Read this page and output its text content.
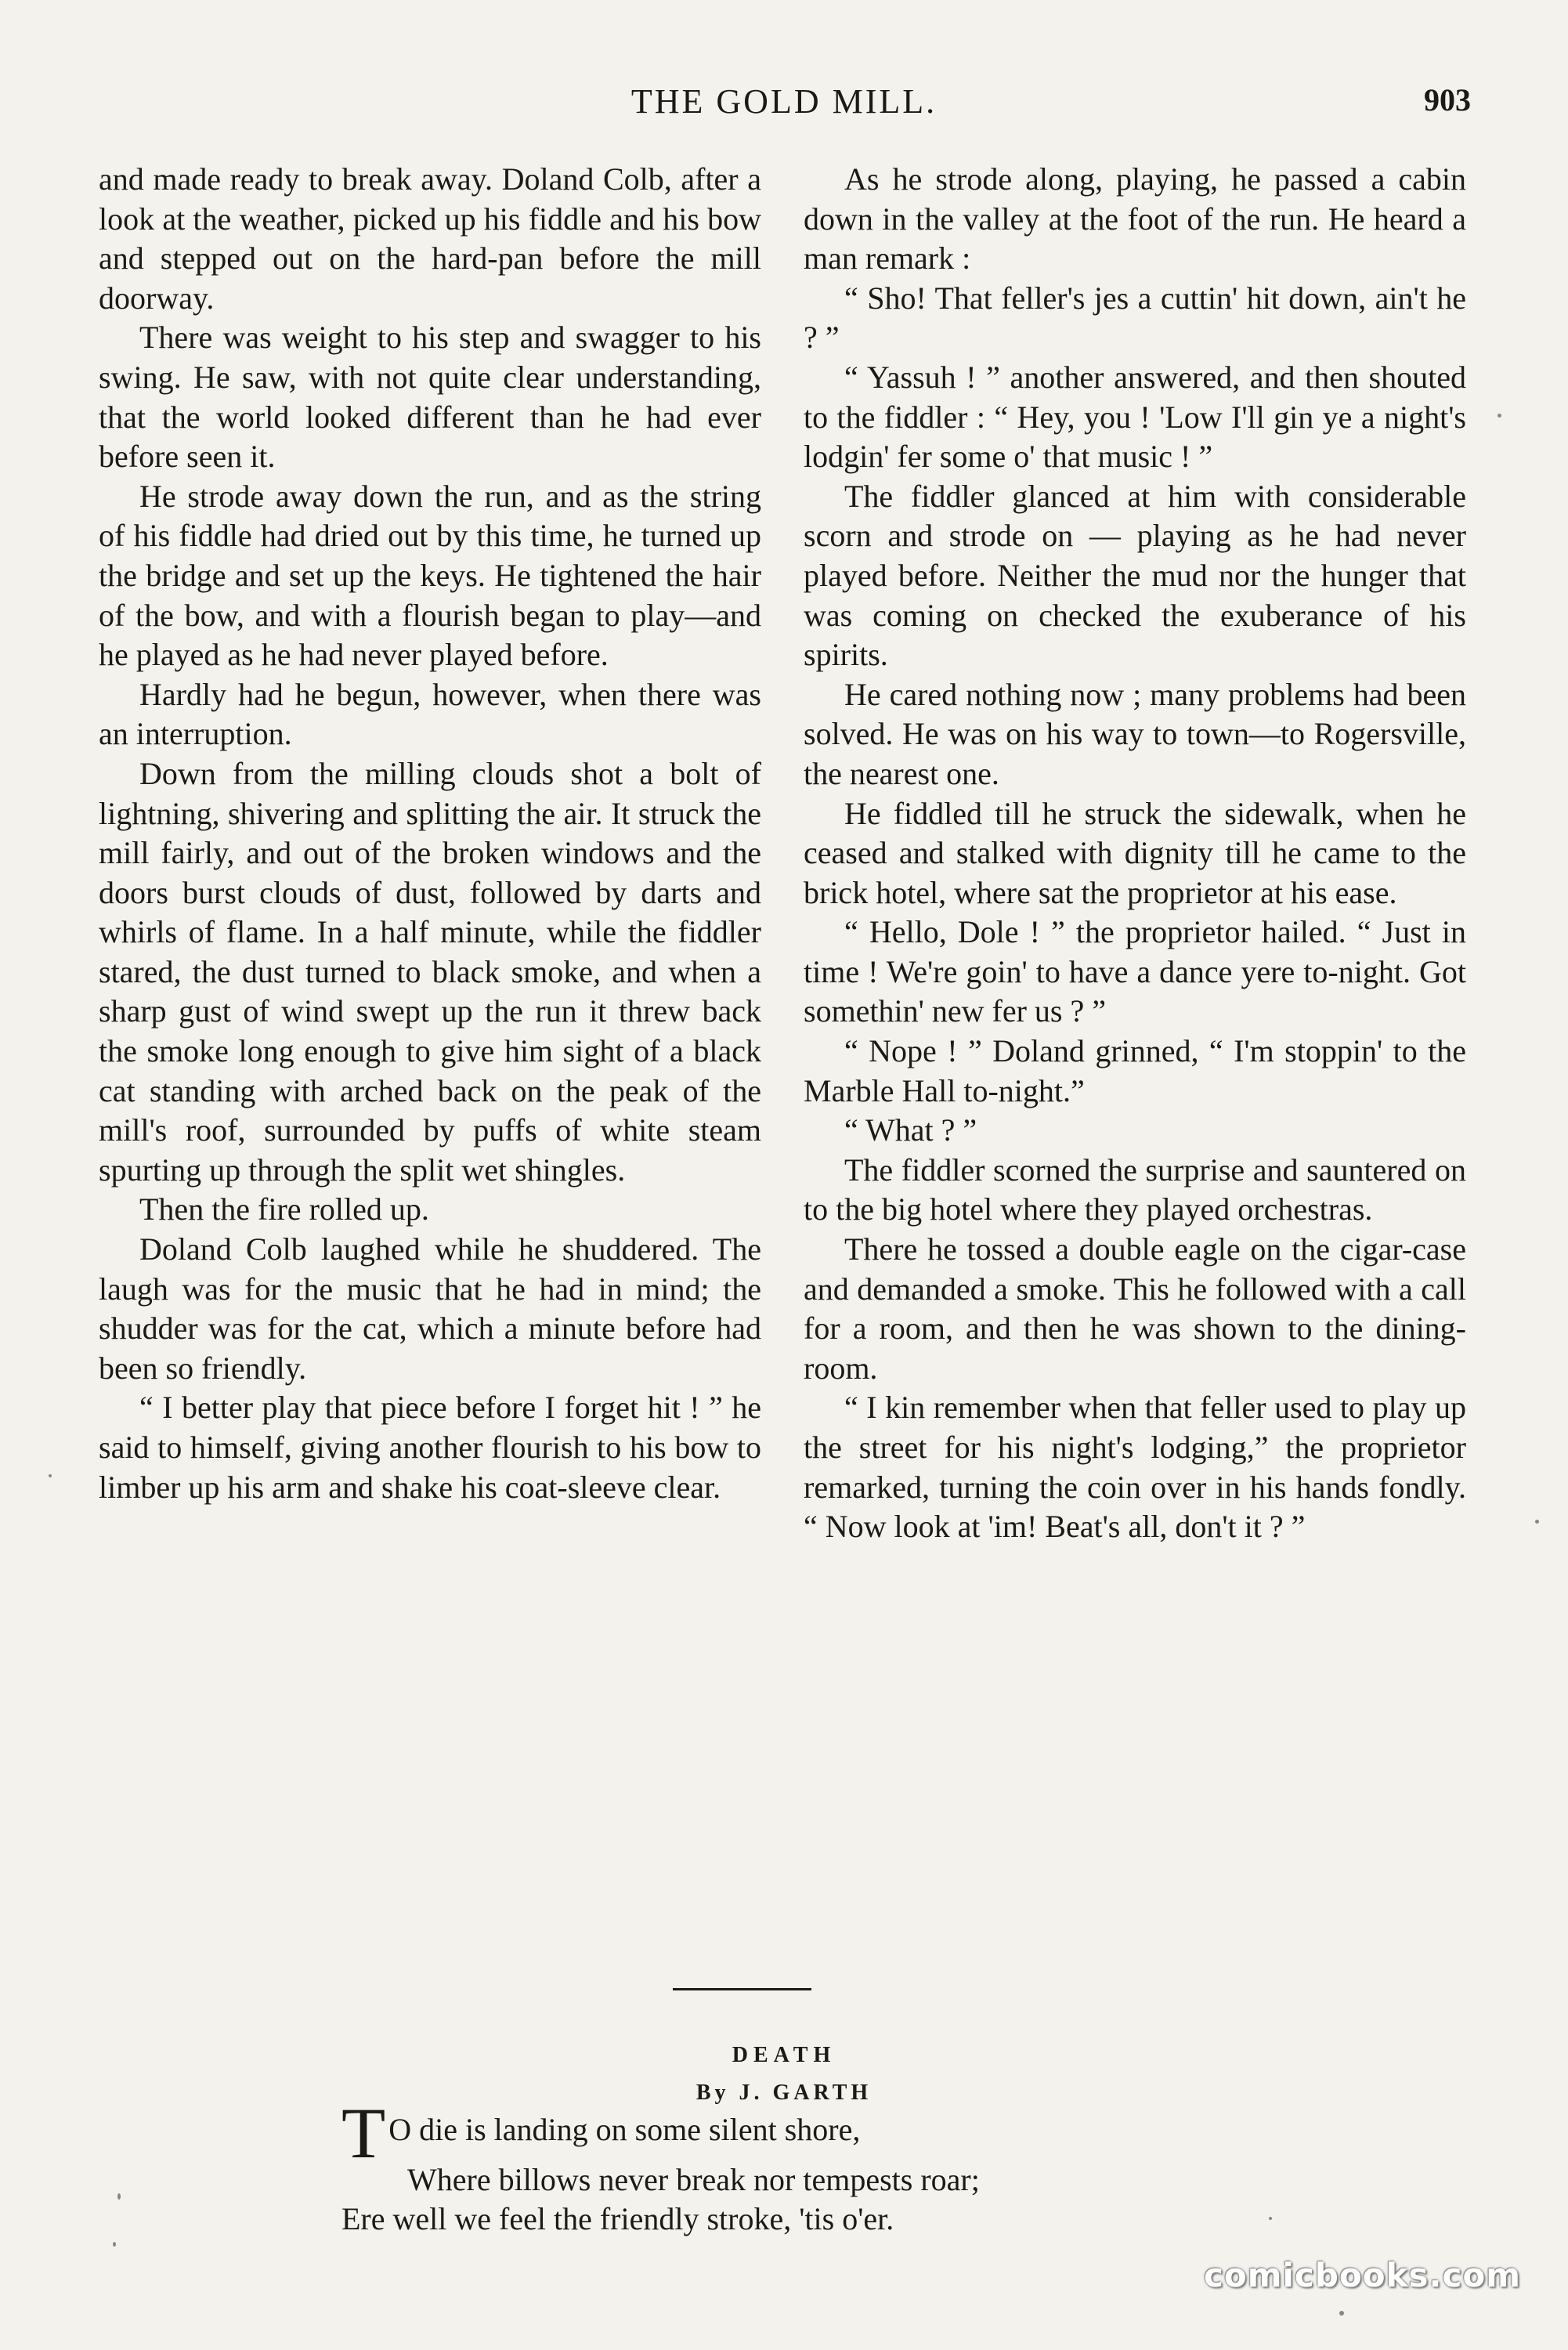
THE GOLD MILL.	903

and made ready to break away. Doland Colb, after a look at the weather, picked up his fiddle and his bow and stepped out on the hard-pan before the mill doorway.

There was weight to his step and swagger to his swing. He saw, with not quite clear understanding, that the world looked different than he had ever before seen it.

He strode away down the run, and as the string of his fiddle had dried out by this time, he turned up the bridge and set up the keys. He tightened the hair of the bow, and with a flourish began to play—and he played as he had never played before.

Hardly had he begun, however, when there was an interruption.

Down from the milling clouds shot a bolt of lightning, shivering and splitting the air. It struck the mill fairly, and out of the broken windows and the doors burst clouds of dust, followed by darts and whirls of flame. In a half minute, while the fiddler stared, the dust turned to black smoke, and when a sharp gust of wind swept up the run it threw back the smoke long enough to give him sight of a black cat standing with arched back on the peak of the mill's roof, surrounded by puffs of white steam spurting up through the split wet shingles.

Then the fire rolled up.

Doland Colb laughed while he shuddered. The laugh was for the music that he had in mind; the shudder was for the cat, which a minute before had been so friendly.

“ I better play that piece before I forget hit ! ” he said to himself, giving another flourish to his bow to limber up his arm and shake his coat-sleeve clear.

As he strode along, playing, he passed a cabin down in the valley at the foot of the run. He heard a man remark :

“ Sho! That feller's jes a cuttin' hit down, ain't he ? ”

“ Yassuh ! ” another answered, and then shouted to the fiddler : “ Hey, you ! 'Low I'll gin ye a night's lodgin' fer some o' that music ! ”

The fiddler glanced at him with considerable scorn and strode on — playing as he had never played before. Neither the mud nor the hunger that was coming on checked the exuberance of his spirits.

He cared nothing now ; many problems had been solved. He was on his way to town—to Rogersville, the nearest one.

He fiddled till he struck the sidewalk, when he ceased and stalked with dignity till he came to the brick hotel, where sat the proprietor at his ease.

“ Hello, Dole ! ” the proprietor hailed. “ Just in time ! We're goin' to have a dance yere to-night. Got somethin' new fer us ? ”

“ Nope ! ” Doland grinned, “ I'm stoppin' to the Marble Hall to-night.”

“ What ? ”

The fiddler scorned the surprise and sauntered on to the big hotel where they played orchestras.

There he tossed a double eagle on the cigar-case and demanded a smoke. This he followed with a call for a room, and then he was shown to the dining-room.

“ I kin remember when that feller used to play up the street for his night's lodging,” the proprietor remarked, turning the coin over in his hands fondly. “ Now look at 'im! Beat's all, don't it ? ”

DEATH
By J. GARTH
T O die is landing on some silent shore,
Where billows never break nor tempests roar;
Ere well we feel the friendly stroke, 'tis o'er.
comicbooks.com
